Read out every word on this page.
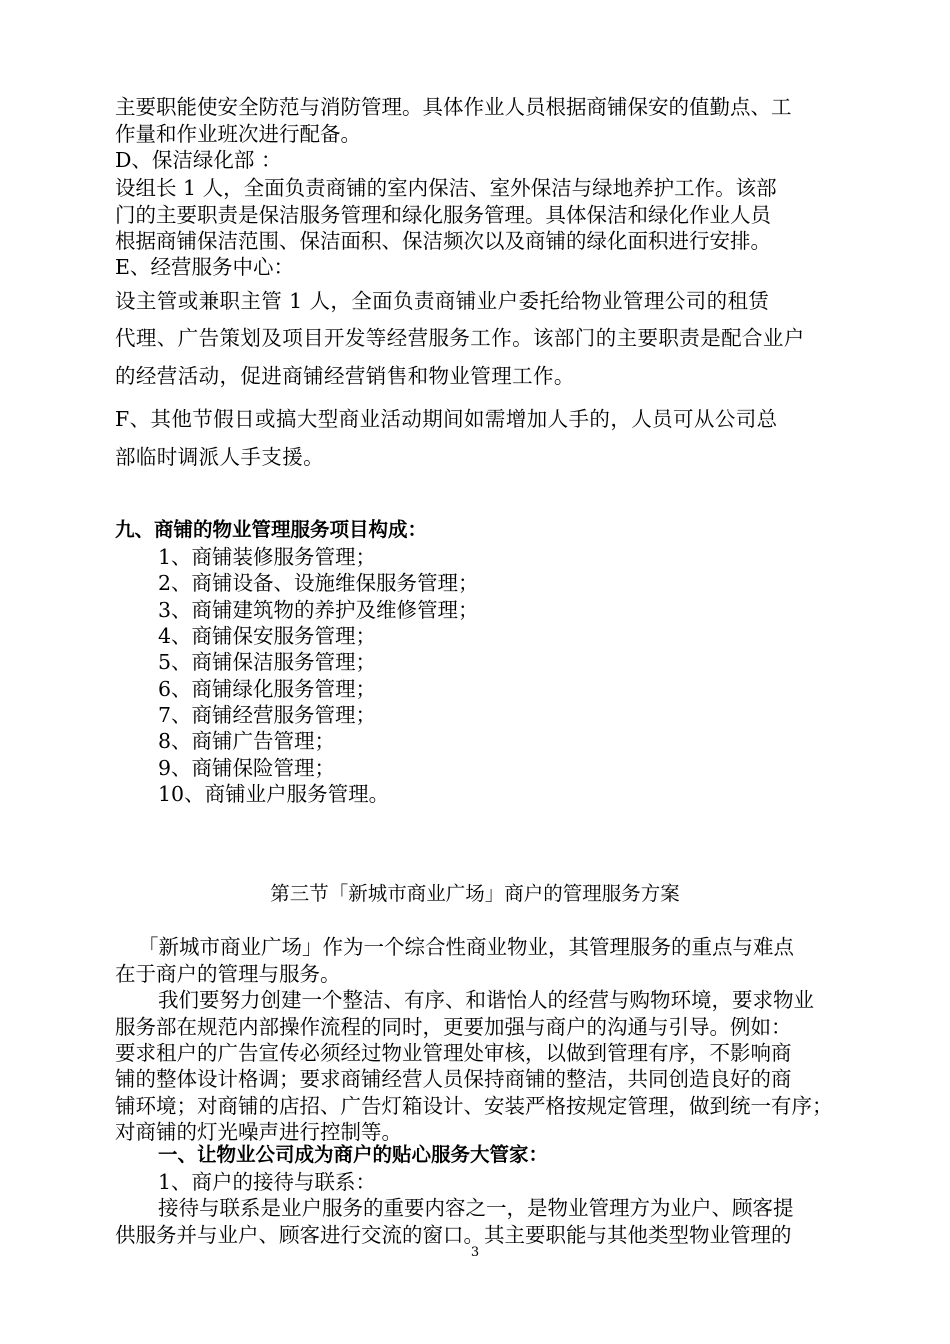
主要职能使安全防范与消防管理。具体作业人员根据商铺保安的值勤点、工
作量和作业班次进行配备。
D、保洁绿化部 ：
设组长 1 人，全面负责商铺的室内保洁、室外保洁与绿地养护工作。该部
门的主要职责是保洁服务管理和绿化服务管理。具体保洁和绿化作业人员
根据商铺保洁范围、保洁面积、保洁频次以及商铺的绿化面积进行安排。
E、经营服务中心：
设主管或兼职主管 1 人，全面负责商铺业户委托给物业管理公司的租赁
代理、广告策划及项目开发等经营服务工作。该部门的主要职责是配合业户
的经营活动，促进商铺经营销售和物业管理工作。
F、其他节假日或搞大型商业活动期间如需增加人手的，人员可从公司总
部临时调派人手支援。
九、商铺的物业管理服务项目构成：
1、商铺装修服务管理；
2、商铺设备、设施维保服务管理；
3、商铺建筑物的养护及维修管理；
4、商铺保安服务管理；
5、商铺保洁服务管理；
6、商铺绿化服务管理；
7、商铺经营服务管理；
8、商铺广告管理；
9、商铺保险管理；
10、商铺业户服务管理。
第三节「新城市商业广场」商户的管理服务方案
「新城市商业广场」作为一个综合性商业物业，其管理服务的重点与难点
在于商户的管理与服务。
我们要努力创建一个整洁、有序、和谐怡人的经营与购物环境，要求物业
服务部在规范内部操作流程的同时，更要加强与商户的沟通与引导。例如：
要求租户的广告宣传必须经过物业管理处审核，以做到管理有序，不影响商
铺的整体设计格调；要求商铺经营人员保持商铺的整洁，共同创造良好的商
铺环境；对商铺的店招、广告灯箱设计、安装严格按规定管理，做到统一有序；
对商铺的灯光噪声进行控制等。
一、让物业公司成为商户的贴心服务大管家：
1、商户的接待与联系：
接待与联系是业户服务的重要内容之一，是物业管理方为业户、顾客提
供服务并与业户、顾客进行交流的窗口。其主要职能与其他类型物业管理的
3
